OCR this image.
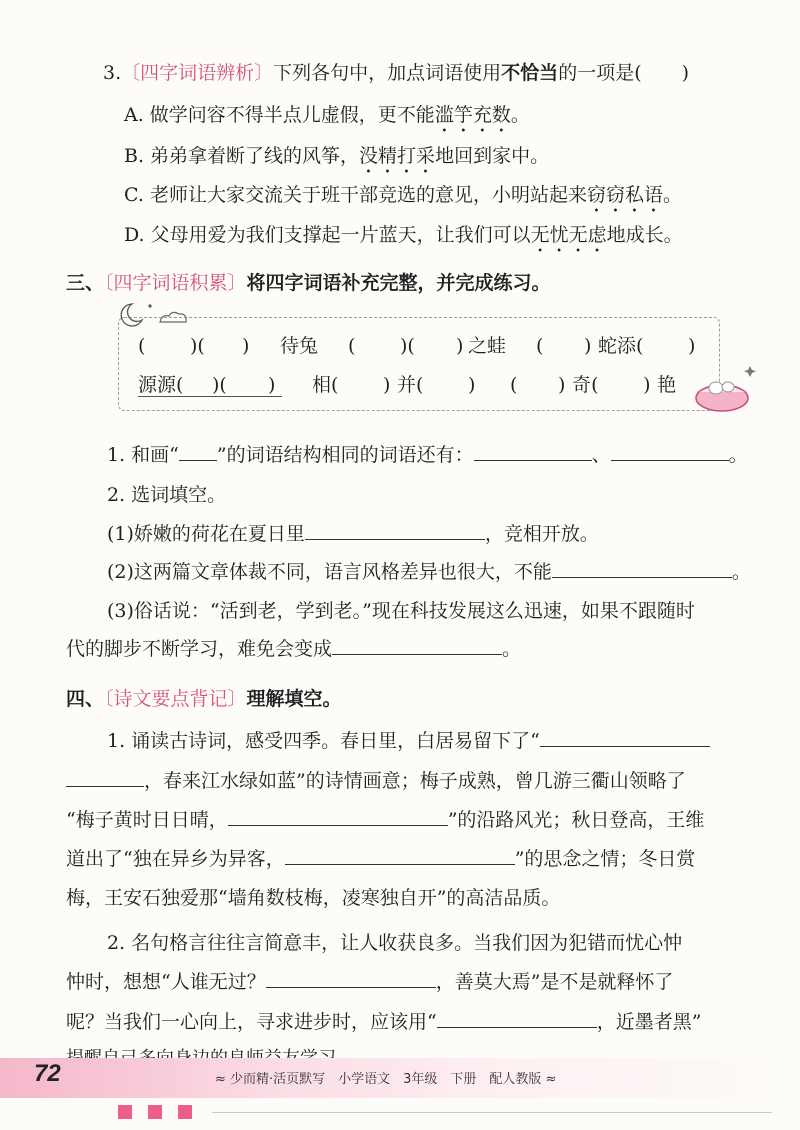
3.〔四字词语辨析〕下列各句中，加点词语使用不恰当的一项是( )
A. 做学问容不得半点儿虚假，更不能滥竽充数。
B. 弟弟拿着断了线的风筝，没精打采地回到家中。
C. 老师让大家交流关于班干部竞选的意见，小明站起来窃窃私语。
D. 父母用爱为我们支撑起一片蓝天，让我们可以无忧无虑地成长。
三、〔四字词语积累〕将四字词语补充完整，并完成练习。
( )( ) 待兔 ( )( ) 之蛙 ( ) 蛇添( )
源源( )( ) 相( ) 并( ) ( ) 奇( ) 艳
1. 和画“ ”的词语结构相同的词语还有：	、	。
2. 选词填空。
(1)娇嫩的荷花在夏日里	，竞相开放。
(2)这两篇文章体裁不同，语言风格差异也很大，不能	。
(3)俗话说：“活到老，学到老。”现在科技发展这么迅速，如果不跟随时
代的脚步不断学习，难免会变成	。
四、〔诗文要点背记〕理解填空。
1. 诵读古诗词，感受四季。春日里，白居易留下了“
，春来江水绿如蓝”的诗情画意；梅子成熟，曾几游三衢山领略了
“梅子黄时日日晴，	”的沿路风光；秋日登高，王维
道出了“独在异乡为异客，	”的思念之情；冬日赏
梅，王安石独爱那“墙角数枝梅，凌寒独自开”的高洁品质。
2. 名句格言往往言简意丰，让人收获良多。当我们因为犯错而忧心忡
忡时，想想“人谁无过？	，善莫大焉”是不是就释怀了
呢？当我们一心向上，寻求进步时，应该用“	，近墨者黑”
72	≈ 少而精·活页默写　小学语文　3年级　下册　配人教版 ≈
